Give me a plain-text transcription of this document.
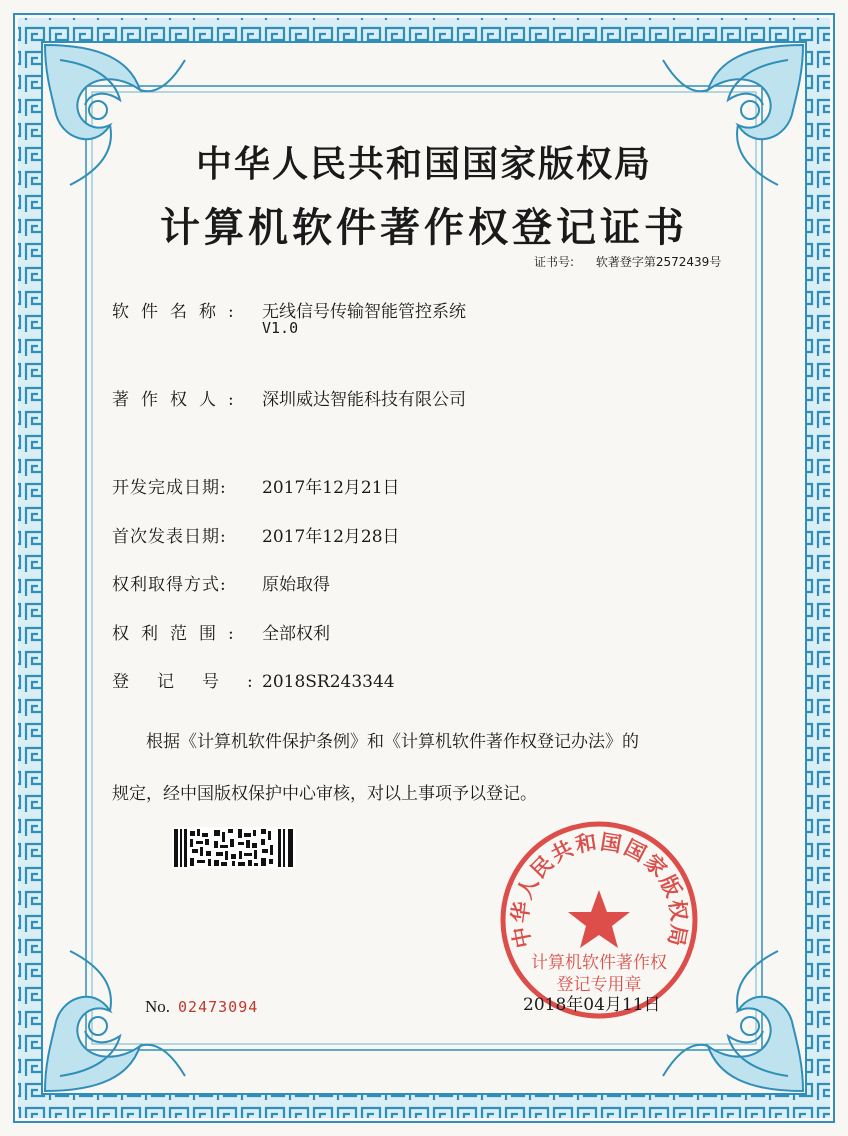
中华人民共和国国家版权局
计算机软件著作权登记证书
证书号: 软著登字第2572439号
软件名称: 无线信号传输智能管控系统
V1.0
著作权人: 深圳威达智能科技有限公司
开发完成日期: 2017年12月21日
首次发表日期: 2017年12月28日
权利取得方式: 原始取得
权利范围: 全部权利
登记号:2018SR243344
根据《计算机软件保护条例》和《计算机软件著作权登记办法》的
规定，经中国版权保护中心审核，对以上事项予以登记。
中华人民共和国国家版权局
计算机软件著作权
登记专用章
No. 02473094	2018年04月11日
